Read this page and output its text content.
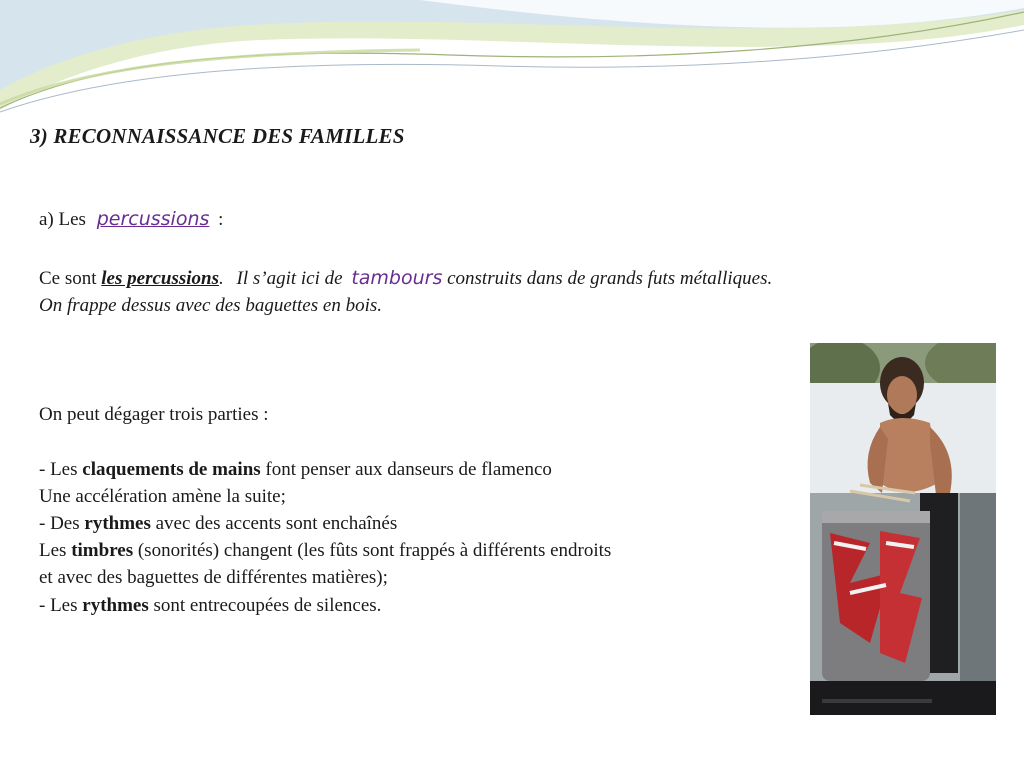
3) RECONNAISSANCE DES FAMILLES
a) Les percussions :
Ce sont les percussions. Il s’agit ici de tambours construits dans de grands futs métalliques.
On frappe dessus avec des baguettes en bois.
On peut dégager trois parties :
- Les claquements de mains font penser aux danseurs de flamenco
Une accélération amène la suite;
- Des rythmes avec des accents sont enchaînés
Les timbres (sonorités) changent (les fûts sont frappés à différents endroits
et avec des baguettes de différentes matières);
- Les rythmes sont entrecoupées de silences.
